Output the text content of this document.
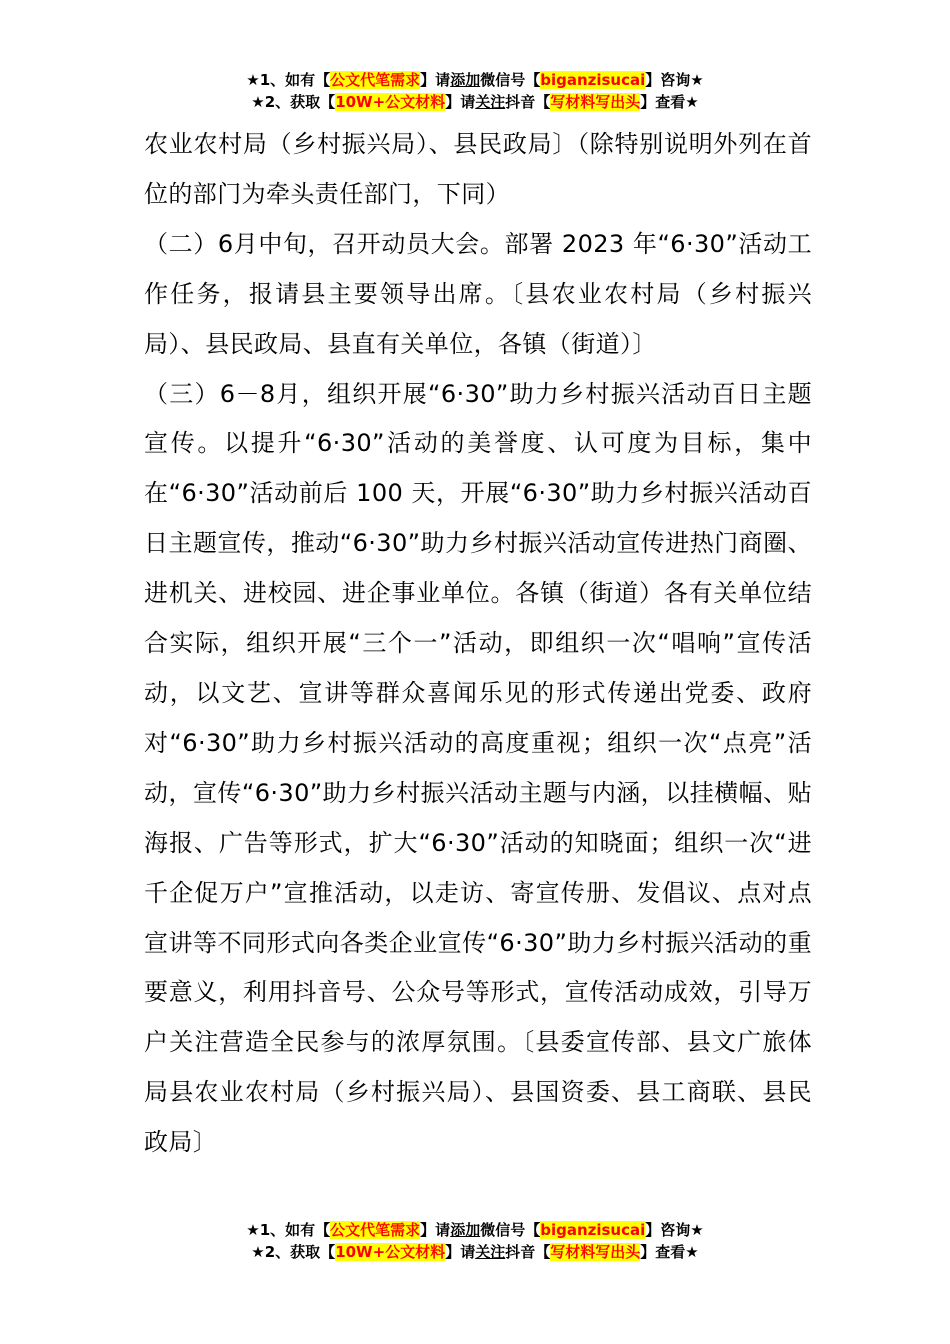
★1、如有【公文代笔需求】请添加微信号【biganzisucai】咨询★
★2、获取【10W+公文材料】请关注抖音【写材料写出头】查看★

农业农村局（乡村振兴局）、县民政局〕（除特别说明外列在首位的部门为牵头责任部门，下同）

（二）6月中旬，召开动员大会。部署 2023 年“6·30”活动工作任务，报请县主要领导出席。〔县农业农村局（乡村振兴局）、县民政局、县直有关单位，各镇（街道）〕

（三）6－8月，组织开展“6·30”助力乡村振兴活动百日主题宣传。以提升“6·30”活动的美誉度、认可度为目标，集中在“6·30”活动前后 100 天，开展“6·30”助力乡村振兴活动百日主题宣传，推动“6·30”助力乡村振兴活动宣传进热门商圈、进机关、进校园、进企事业单位。各镇（街道）各有关单位结合实际，组织开展“三个一”活动，即组织一次“唱响”宣传活动，以文艺、宣讲等群众喜闻乐见的形式传递出党委、政府对“6·30”助力乡村振兴活动的高度重视；组织一次“点亮”活动，宣传“6·30”助力乡村振兴活动主题与内涵，以挂横幅、贴海报、广告等形式，扩大“6·30”活动的知晓面；组织一次“进千企促万户”宣推活动，以走访、寄宣传册、发倡议、点对点宣讲等不同形式向各类企业宣传“6·30”助力乡村振兴活动的重要意义，利用抖音号、公众号等形式，宣传活动成效，引导万户关注营造全民参与的浓厚氛围。〔县委宣传部、县文广旅体局县农业农村局（乡村振兴局）、县国资委、县工商联、县民政局〕

★1、如有【公文代笔需求】请添加微信号【biganzisucai】咨询★
★2、获取【10W+公文材料】请关注抖音【写材料写出头】查看★
